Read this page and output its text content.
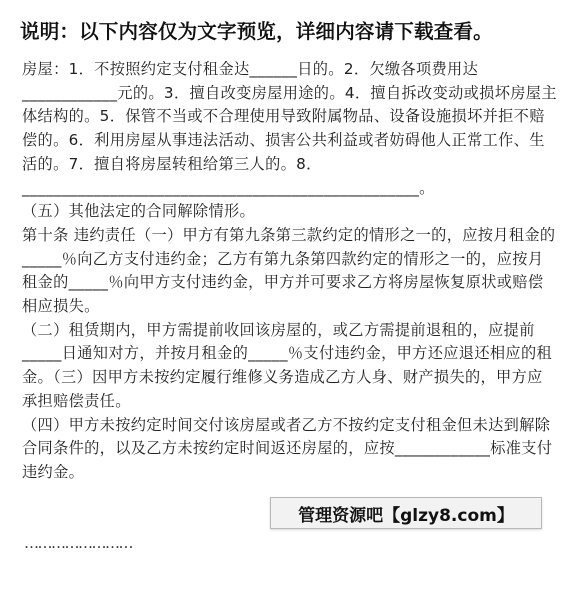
说明：以下内容仅为文字预览，详细内容请下载查看。

房屋：1．不按照约定支付租金达______日的。2．欠缴各项费用达____________元的。3．擅自改变房屋用途的。4．擅自拆改变动或损坏房屋主体结构的。5．保管不当或不合理使用导致附属物品、设备设施损坏并拒不赔偿的。6．利用房屋从事违法活动、损害公共利益或者妨碍他人正常工作、生活的。7．擅自将房屋转租给第三人的。8．

__________________________________________________。

（五）其他法定的合同解除情形。

第十条 违约责任（一）甲方有第九条第三款约定的情形之一的，应按月租金的_____％向乙方支付违约金；乙方有第九条第四款约定的情形之一的，应按月租金的_____％向甲方支付违约金，甲方并可要求乙方将房屋恢复原状或赔偿相应损失。

（二）租赁期内，甲方需提前收回该房屋的，或乙方需提前退租的，应提前_____日通知对方，并按月租金的_____％支付违约金，甲方还应退还相应的租金。（三）因甲方未按约定履行维修义务造成乙方人身、财产损失的，甲方应承担赔偿责任。

（四）甲方未按约定时间交付该房屋或者乙方不按约定支付租金但未达到解除合同条件的，以及乙方未按约定时间返还房屋的，应按____________标准支付违约金。

管理资源吧【glzy8.com】
……………………
